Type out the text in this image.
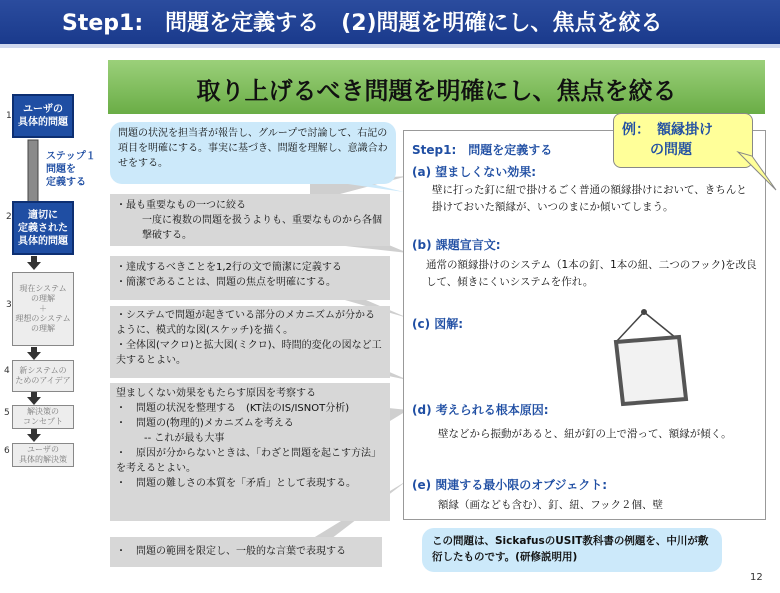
Step1:　問題を定義する　(2)問題を明確にし、焦点を絞る
取り上げるべき問題を明確にし、焦点を絞る
1
ユーザの
具体的問題
ステップ１
問題を
定義する
2	適切に
定義された
具体的問題
3
現在システム
の理解
＋
理想のシステム
の理解
4	新システムの
ためのアイデア
5	解決策の
コンセプト
6	ユーザの
具体的解決策
問題の状況を担当者が報告し、グループで討論して、右記の項目を明確にする。事実に基づき、問題を理解し、意識合わせをする。
・最も重要なもの一つに絞る
一度に複数の問題を扱うよりも、重要なものから各個撃破する。
・達成するべきことを1,2行の文で簡潔に定義する
・簡潔であることは、問題の焦点を明確にする。
・システムで問題が起きている部分のメカニズムが分かるように、模式的な図(スケッチ)を描く。
・全体図(マクロ)と拡大図(ミクロ)、時間的変化の図など工夫するとよい。
望ましくない効果をもたらす原因を考察する
・　問題の状況を整理する　(KT法のIS/ISNOT分析)
・　問題の(物理的)メカニズムを考える
-- これが最も大事
・　原因が分からないときは、「わざと問題を起こす方法」を考えるとよい。
・　問題の難しさの本質を「矛盾」として表現する。
・　問題の範囲を限定し、一般的な言葉で表現する
Step1:　問題を定義する
(a) 望ましくない効果:
壁に打った釘に紐で掛けるごく普通の額縁掛けにおいて、きちんと掛けておいた額縁が、いつのまにか傾いてしまう。
(b) 課題宣言文:
通常の額縁掛けのシステム（1本の釘、1本の紐、二つのフック)を改良して、傾きにくいシステムを作れ。
(c) 図解:
(d) 考えられる根本原因:
壁などから振動があると、紐が釘の上で滑って、額縁が傾く。
(e) 関連する最小限のオブジェクト:
額縁（画なども含む）、釘、紐、フック２個、壁
例：　額縁掛け
　　の問題
この問題は、SickafusのUSIT教科書の例題を、中川が敷衍したものです。(研修説明用)
12
